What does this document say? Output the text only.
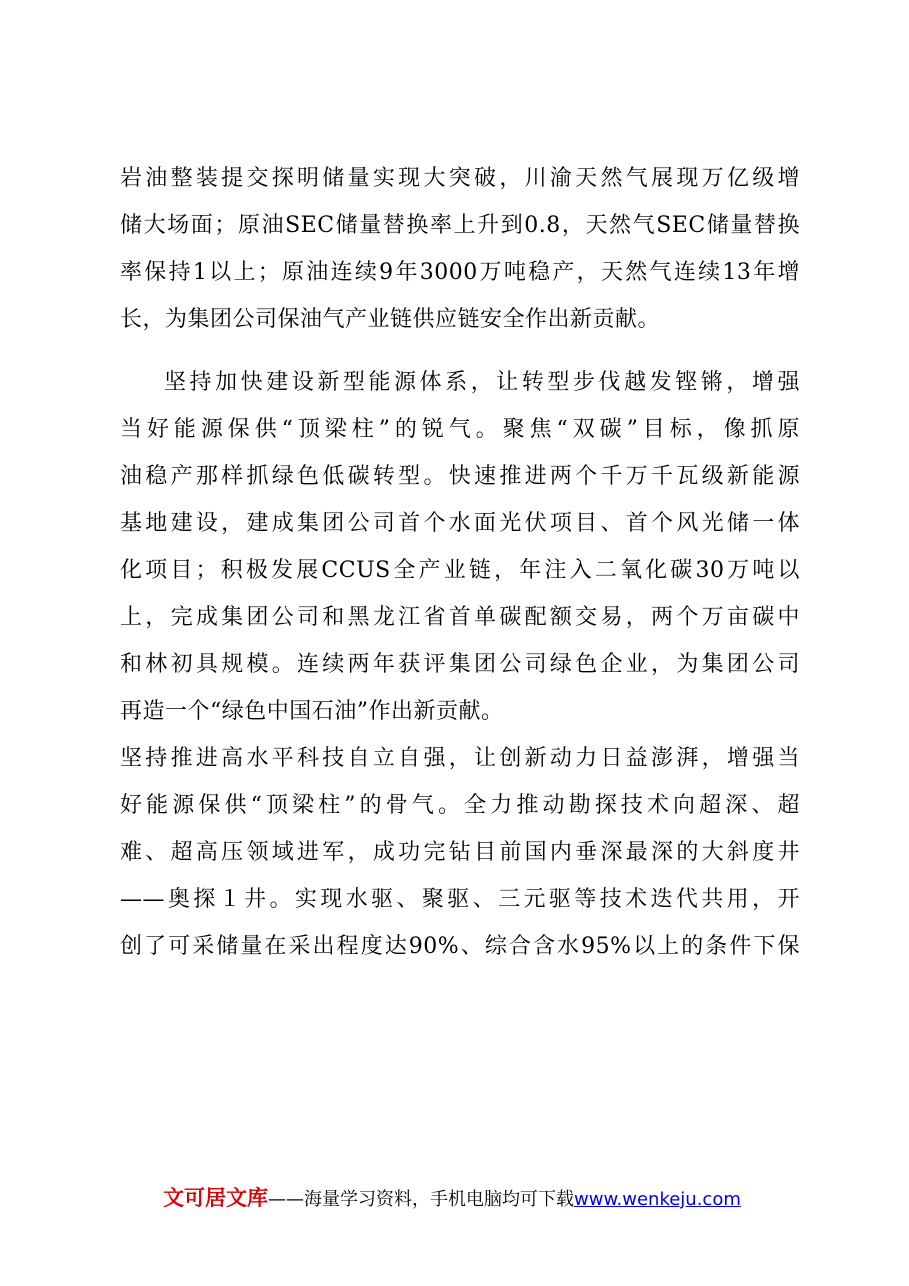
岩油整装提交探明储量实现大突破，川渝天然气展现万亿级增
储大场面；原油SEC储量替换率上升到0.8，天然气SEC储量替换
率保持1以上；原油连续9年3000万吨稳产，天然气连续13年增
长，为集团公司保油气产业链供应链安全作出新贡献。
坚持加快建设新型能源体系，让转型步伐越发铿锵，增强
当好能源保供“顶梁柱”的锐气。聚焦“双碳”目标，像抓原
油稳产那样抓绿色低碳转型。快速推进两个千万千瓦级新能源
基地建设，建成集团公司首个水面光伏项目、首个风光储一体
化项目；积极发展CCUS全产业链，年注入二氧化碳30万吨以
上，完成集团公司和黑龙江省首单碳配额交易，两个万亩碳中
和林初具规模。连续两年获评集团公司绿色企业，为集团公司
再造一个“绿色中国石油”作出新贡献。
坚持推进高水平科技自立自强，让创新动力日益澎湃，增强当
好能源保供“顶梁柱”的骨气。全力推动勘探技术向超深、超
难、超高压领域进军，成功完钻目前国内垂深最深的大斜度井
——奥探１井。实现水驱、聚驱、三元驱等技术迭代共用，开
创了可采储量在采出程度达90%、综合含水95%以上的条件下保
文可居文库——海量学习资料，手机电脑均可下载www.wenkeju.com
